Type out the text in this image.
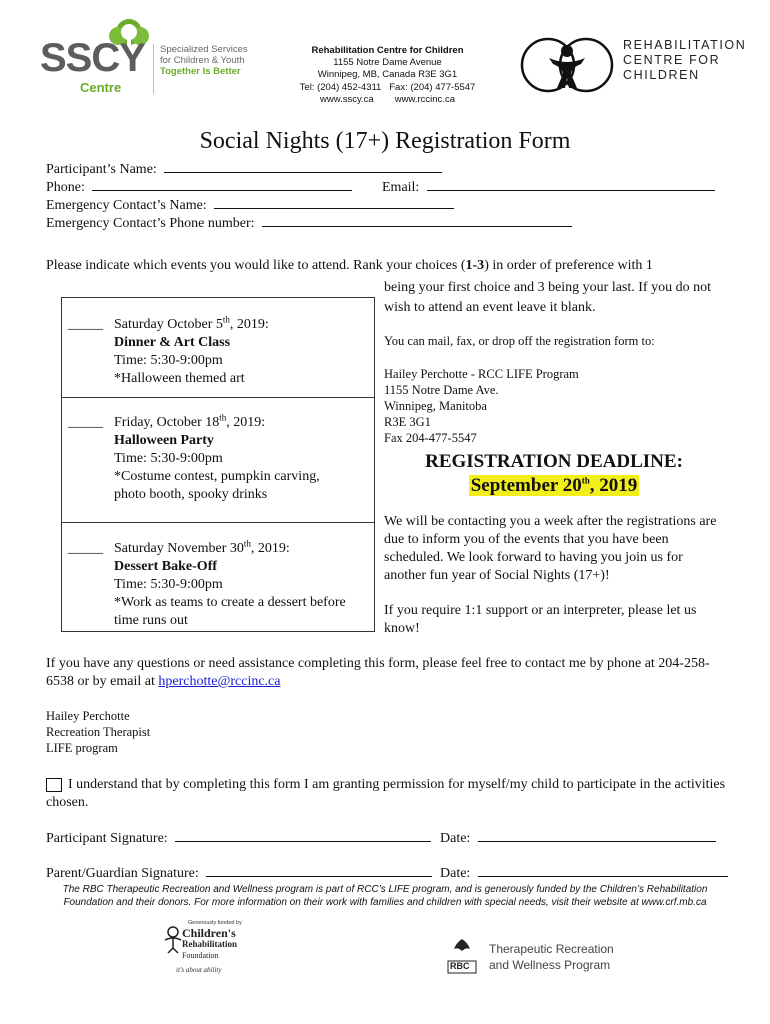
SSCY
Centre
Specialized Services
for Children & Youth
Together Is Better
Rehabilitation Centre for Children
1155 Notre Dame Avenue
Winnipeg, MB, Canada R3E 3G1
Tel: (204) 452-4311   Fax: (204) 477-5547
www.sscy.ca        www.rccinc.ca
REHABILITATION
CENTRE FOR
CHILDREN
Social Nights (17+) Registration Form
Participant’s Name:
Phone:	Email:
Emergency Contact’s Name:
Emergency Contact’s Phone number:
Please indicate which events you would like to attend. Rank your choices (1-3) in order of preference with 1
being your first choice and 3 being your last. If you do not wish to attend an event leave it blank.
_____ Saturday October 5th, 2019:
Dinner & Art Class
Time: 5:30-9:00pm
*Halloween themed art
_____ Friday, October 18th, 2019:
Halloween Party
Time: 5:30-9:00pm
*Costume contest, pumpkin carving, photo booth, spooky drinks
_____ Saturday November 30th, 2019:
Dessert Bake-Off
Time: 5:30-9:00pm
*Work as teams to create a dessert before time runs out
You can mail, fax, or drop off the registration form to:
Hailey Perchotte - RCC LIFE Program
1155 Notre Dame Ave.
Winnipeg, Manitoba
R3E 3G1
Fax 204-477-5547
REGISTRATION DEADLINE:
September 20th, 2019
We will be contacting you a week after the registrations are due to inform you of the events that you have been scheduled. We look forward to having you join us for another fun year of Social Nights (17+)!
If you require 1:1 support or an interpreter, please let us know!
If you have any questions or need assistance completing this form, please feel free to contact me by phone at 204-258-6538 or by email at hperchotte@rccinc.ca
Hailey Perchotte
Recreation Therapist
LIFE program
I understand that by completing this form I am granting permission for myself/my child to participate in the activities chosen.
Participant Signature:	Date:
Parent/Guardian Signature:	Date:
The RBC Therapeutic Recreation and Wellness program is part of RCC’s LIFE program, and is generously funded by the Children’s Rehabilitation Foundation and their donors. For more information on their work with families and children with special needs, visit their website at www.crf.mb.ca
Generously funded by
Children's
Rehabilitation
Foundation
it's about ability	RBC
Therapeutic Recreation
and Wellness Program
